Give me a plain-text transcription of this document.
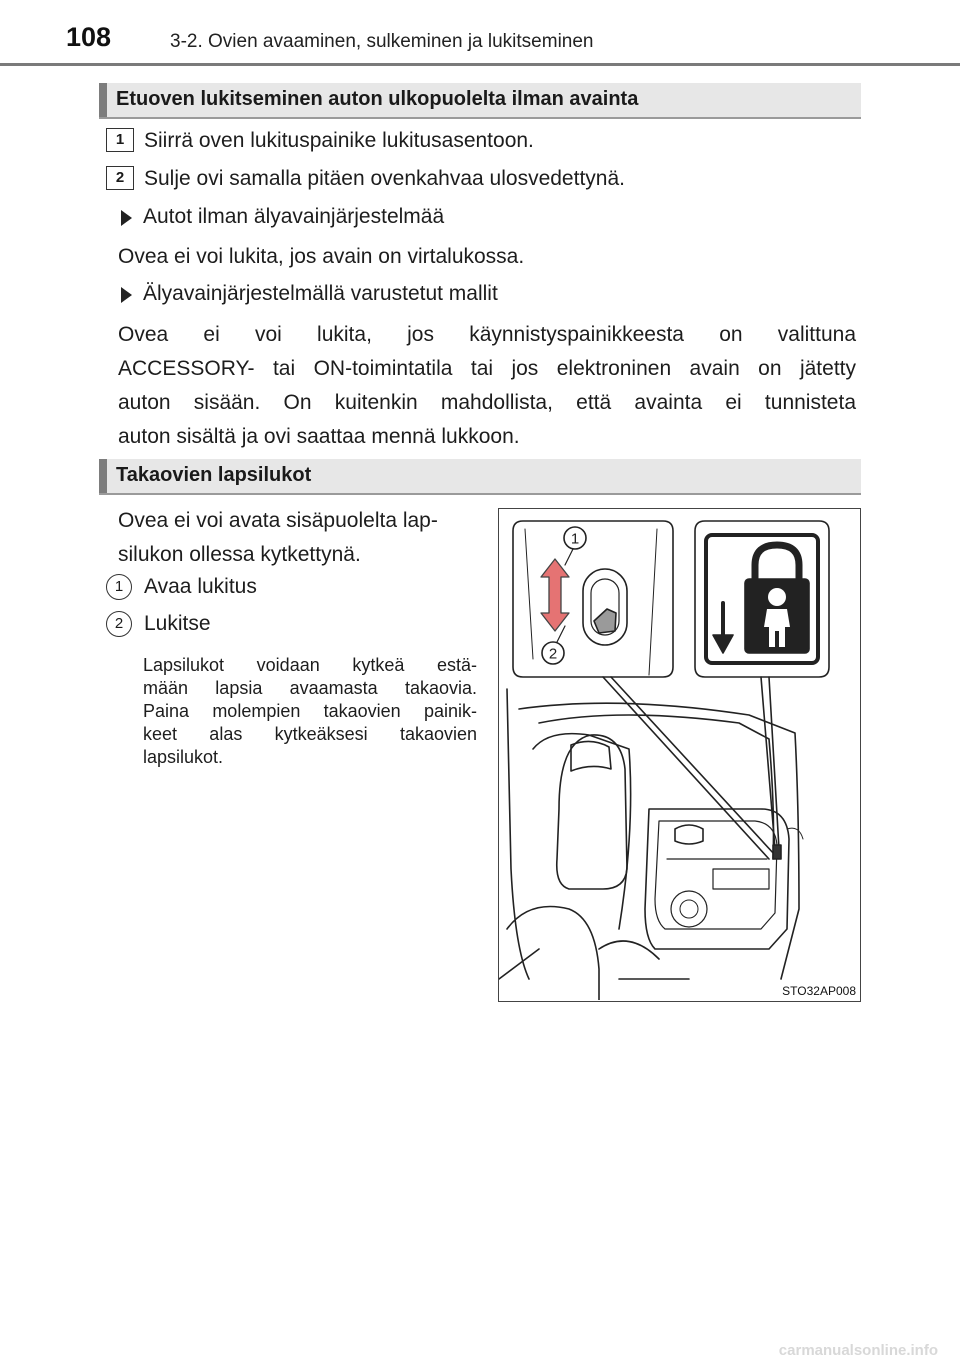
108	3-2. Ovien avaaminen, sulkeminen ja lukitseminen
Etuoven lukitseminen auton ulkopuolelta ilman avainta
1 Siirrä oven lukituspainike lukitusasentoon.
2 Sulje ovi samalla pitäen ovenkahvaa ulosvedettynä.
Autot ilman älyavainjärjestelmää
Ovea ei voi lukita, jos avain on virtalukossa.
Älyavainjärjestelmällä varustetut mallit
Ovea ei voi lukita, jos käynnistyspainikkeesta on valittuna
ACCESSORY- tai ON-toimintatila tai jos elektroninen avain on jätetty
auton sisään. On kuitenkin mahdollista, että avainta ei tunnisteta
auton sisältä ja ovi saattaa mennä lukkoon.
Takaovien lapsilukot
Ovea ei voi avata sisäpuolelta lap-
silukon ollessa kytkettynä.
1 Avaa lukitus
2 Lukitse
Lapsilukot voidaan kytkeä estä-
mään lapsia avaamasta takaovia.
Paina molempien takaovien painik-
keet alas kytkeäksesi takaovien
lapsilukot.
1
2
STO32AP008
carmanualsonline.info
